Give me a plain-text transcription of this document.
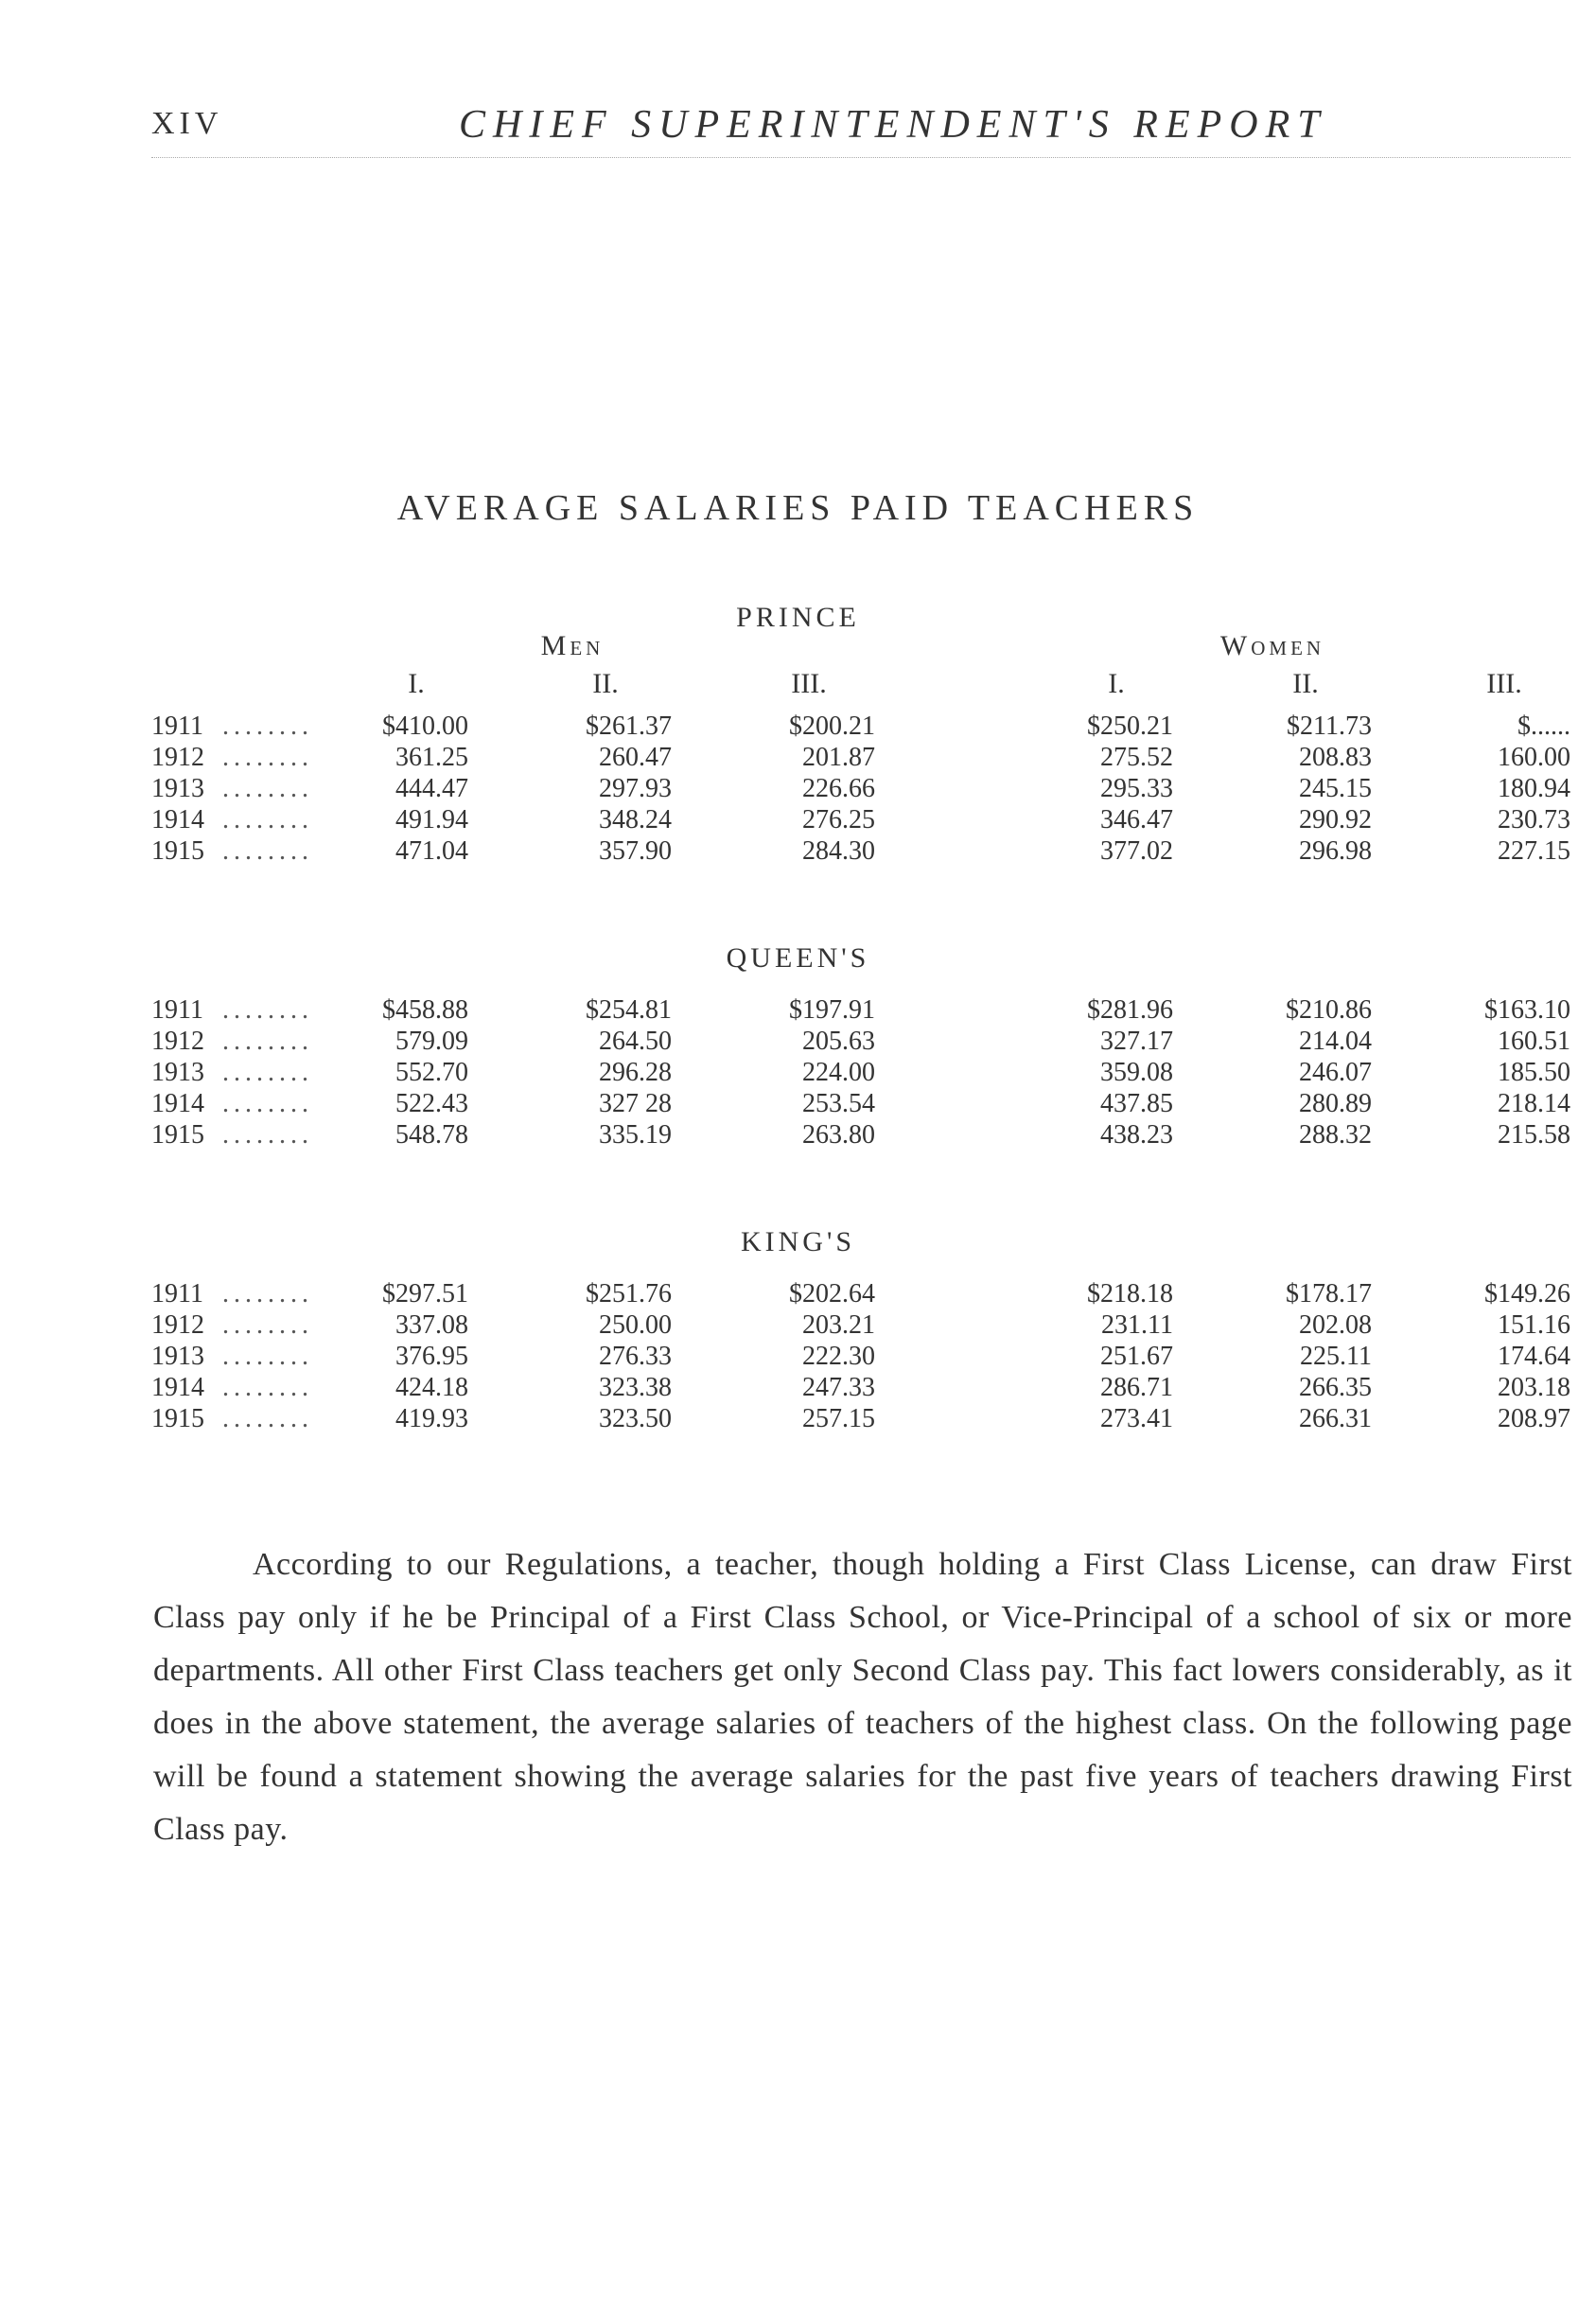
XIV	CHIEF SUPERINTENDENT'S REPORT
AVERAGE SALARIES PAID TEACHERS
PRINCE
Men	Women
I.	II.	III.	I.	II.	III.
1911 ........	$410.00	$261.37	$200.21	$250.21	$211.73	$......
1912 ........	361.25	260.47	201.87	275.52	208.83	160.00
1913 ........	444.47	297.93	226.66	295.33	245.15	180.94
1914 ........	491.94	348.24	276.25	346.47	290.92	230.73
1915 ........	471.04	357.90	284.30	377.02	296.98	227.15
QUEEN'S
1911 ........	$458.88	$254.81	$197.91	$281.96	$210.86	$163.10
1912 ........	579.09	264.50	205.63	327.17	214.04	160.51
1913 ........	552.70	296.28	224.00	359.08	246.07	185.50
1914 ........	522.43	327 28	253.54	437.85	280.89	218.14
1915 ........	548.78	335.19	263.80	438.23	288.32	215.58
KING'S
1911 ........	$297.51	$251.76	$202.64	$218.18	$178.17	$149.26
1912 ........	337.08	250.00	203.21	231.11	202.08	151.16
1913 ........	376.95	276.33	222.30	251.67	225.11	174.64
1914 ........	424.18	323.38	247.33	286.71	266.35	203.18
1915 ........	419.93	323.50	257.15	273.41	266.31	208.97

According to our Regulations, a teacher, though holding a First Class License, can draw First Class pay only if he be Principal of a First Class School, or Vice-Principal of a school of six or more departments. All other First Class teachers get only Second Class pay. This fact lowers considerably, as it does in the above statement, the average salaries of teachers of the highest class. On the following page will be found a statement showing the average salaries for the past five years of teachers drawing First Class pay.
